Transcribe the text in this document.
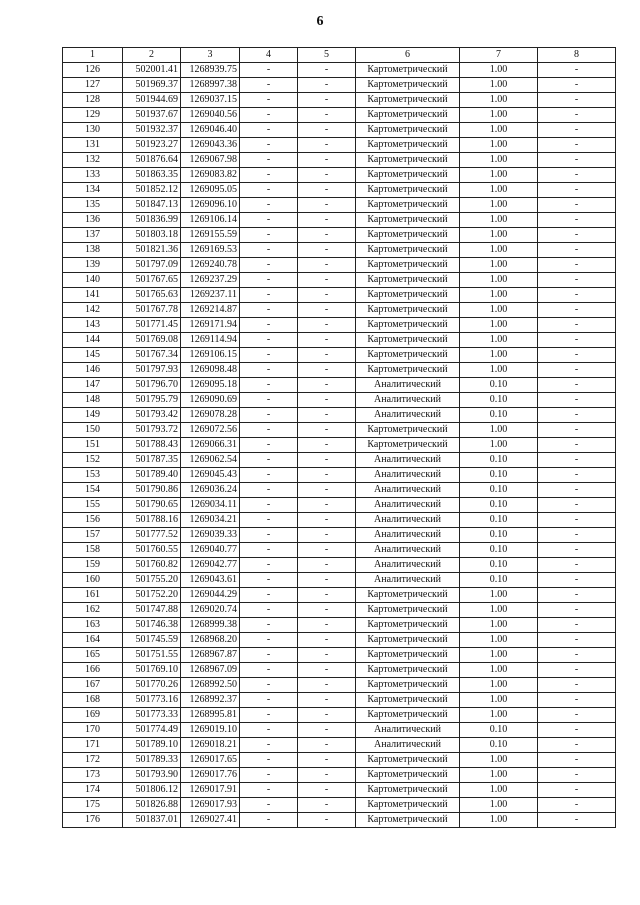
6
1	2	3	4	5	6	7	8
126	502001.41	1268939.75	-	-	Картометрический	1.00	-
127	501969.37	1268997.38	-	-	Картометрический	1.00	-
128	501944.69	1269037.15	-	-	Картометрический	1.00	-
129	501937.67	1269040.56	-	-	Картометрический	1.00	-
130	501932.37	1269046.40	-	-	Картометрический	1.00	-
131	501923.27	1269043.36	-	-	Картометрический	1.00	-
132	501876.64	1269067.98	-	-	Картометрический	1.00	-
133	501863.35	1269083.82	-	-	Картометрический	1.00	-
134	501852.12	1269095.05	-	-	Картометрический	1.00	-
135	501847.13	1269096.10	-	-	Картометрический	1.00	-
136	501836.99	1269106.14	-	-	Картометрический	1.00	-
137	501803.18	1269155.59	-	-	Картометрический	1.00	-
138	501821.36	1269169.53	-	-	Картометрический	1.00	-
139	501797.09	1269240.78	-	-	Картометрический	1.00	-
140	501767.65	1269237.29	-	-	Картометрический	1.00	-
141	501765.63	1269237.11	-	-	Картометрический	1.00	-
142	501767.78	1269214.87	-	-	Картометрический	1.00	-
143	501771.45	1269171.94	-	-	Картометрический	1.00	-
144	501769.08	1269114.94	-	-	Картометрический	1.00	-
145	501767.34	1269106.15	-	-	Картометрический	1.00	-
146	501797.93	1269098.48	-	-	Картометрический	1.00	-
147	501796.70	1269095.18	-	-	Аналитический	0.10	-
148	501795.79	1269090.69	-	-	Аналитический	0.10	-
149	501793.42	1269078.28	-	-	Аналитический	0.10	-
150	501793.72	1269072.56	-	-	Картометрический	1.00	-
151	501788.43	1269066.31	-	-	Картометрический	1.00	-
152	501787.35	1269062.54	-	-	Аналитический	0.10	-
153	501789.40	1269045.43	-	-	Аналитический	0.10	-
154	501790.86	1269036.24	-	-	Аналитический	0.10	-
155	501790.65	1269034.11	-	-	Аналитический	0.10	-
156	501788.16	1269034.21	-	-	Аналитический	0.10	-
157	501777.52	1269039.33	-	-	Аналитический	0.10	-
158	501760.55	1269040.77	-	-	Аналитический	0.10	-
159	501760.82	1269042.77	-	-	Аналитический	0.10	-
160	501755.20	1269043.61	-	-	Аналитический	0.10	-
161	501752.20	1269044.29	-	-	Картометрический	1.00	-
162	501747.88	1269020.74	-	-	Картометрический	1.00	-
163	501746.38	1268999.38	-	-	Картометрический	1.00	-
164	501745.59	1268968.20	-	-	Картометрический	1.00	-
165	501751.55	1268967.87	-	-	Картометрический	1.00	-
166	501769.10	1268967.09	-	-	Картометрический	1.00	-
167	501770.26	1268992.50	-	-	Картометрический	1.00	-
168	501773.16	1268992.37	-	-	Картометрический	1.00	-
169	501773.33	1268995.81	-	-	Картометрический	1.00	-
170	501774.49	1269019.10	-	-	Аналитический	0.10	-
171	501789.10	1269018.21	-	-	Аналитический	0.10	-
172	501789.33	1269017.65	-	-	Картометрический	1.00	-
173	501793.90	1269017.76	-	-	Картометрический	1.00	-
174	501806.12	1269017.91	-	-	Картометрический	1.00	-
175	501826.88	1269017.93	-	-	Картометрический	1.00	-
176	501837.01	1269027.41	-	-	Картометрический	1.00	-
